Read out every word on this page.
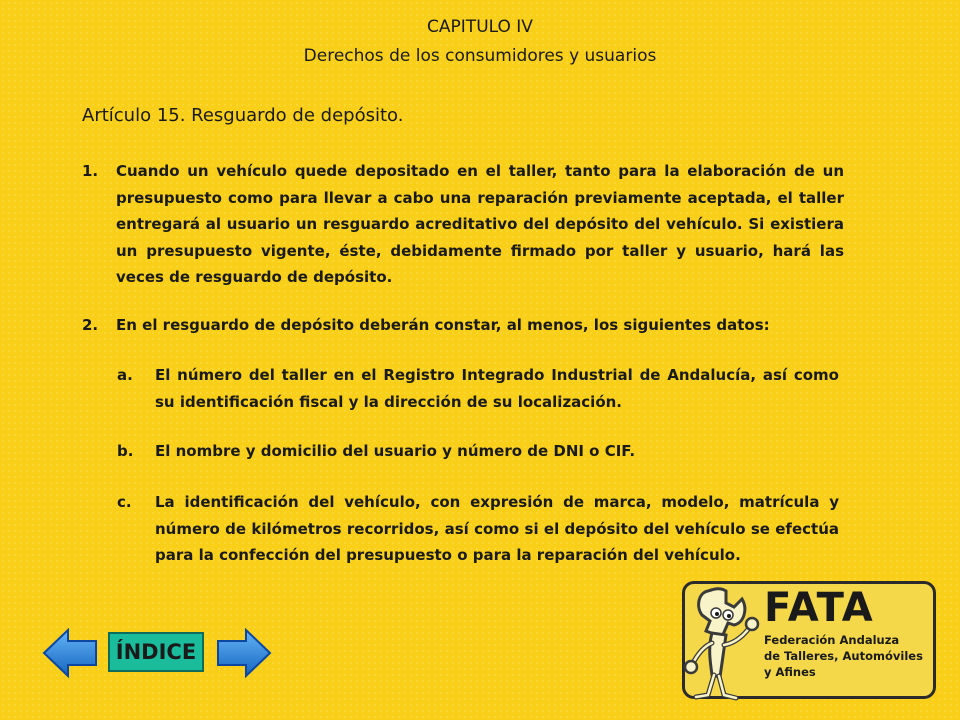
CAPITULO IV
Derechos de los consumidores y usuarios
Artículo 15. Resguardo de depósito.
1.	Cuando un vehículo quede depositado en el taller, tanto para la elaboración de un presupuesto como para llevar a cabo una reparación previamente aceptada, el taller entregará al usuario un resguardo acreditativo del depósito del vehículo. Si existiera un presupuesto vigente, éste, debidamente firmado por taller y usuario, hará las veces de resguardo de depósito.
2.	En el resguardo de depósito deberán constar, al menos, los siguientes datos:
a.	El número del taller en el Registro Integrado Industrial de Andalucía, así como su identificación fiscal y la dirección de su localización.
b.	El nombre y domicilio del usuario y número de DNI o CIF.
c.	La identificación del vehículo, con expresión de marca, modelo, matrícula y número de kilómetros recorridos, así como si el depósito del vehículo se efectúa para la confección del presupuesto o para la reparación del vehículo.
ÍNDICE
FATA
Federación Andaluza
de Talleres, Automóviles
y Afines
